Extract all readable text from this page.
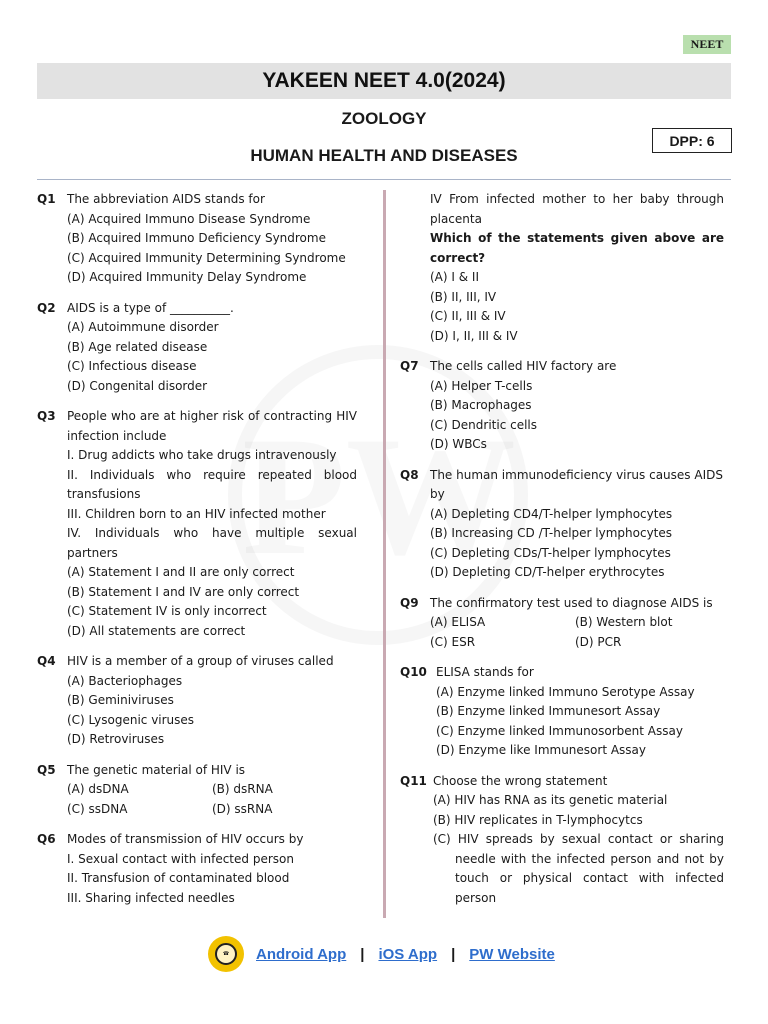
NEET
YAKEEN NEET 4.0(2024)
ZOOLOGY
HUMAN HEALTH AND DISEASES
DPP: 6
Q1 The abbreviation AIDS stands for
(A) Acquired Immuno Disease Syndrome
(B) Acquired Immuno Deficiency Syndrome
(C) Acquired Immunity Determining Syndrome
(D) Acquired Immunity Delay Syndrome
Q2 AIDS is a type of __________.
(A) Autoimmune disorder
(B) Age related disease
(C) Infectious disease
(D) Congenital disorder
Q3 People who are at higher risk of contracting HIV infection include
I. Drug addicts who take drugs intravenously
II. Individuals who require repeated blood transfusions
III. Children born to an HIV infected mother
IV. Individuals who have multiple sexual partners
(A) Statement I and II are only correct
(B) Statement I and IV are only correct
(C) Statement IV is only incorrect
(D) All statements are correct
Q4 HIV is a member of a group of viruses called
(A) Bacteriophages
(B) Geminiviruses
(C) Lysogenic viruses
(D) Retroviruses
Q5 The genetic material of HIV is
(A) dsDNA	(B) dsRNA
(C) ssDNA	(D) ssRNA
Q6 Modes of transmission of HIV occurs by
I. Sexual contact with infected person
II. Transfusion of contaminated blood
III. Sharing infected needles
IV From infected mother to her baby through placenta
Which of the statements given above are correct?
(A) I & II
(B) II, III, IV
(C) II, III & IV
(D) I, II, III & IV
Q7 The cells called HIV factory are
(A) Helper T-cells
(B) Macrophages
(C) Dendritic cells
(D) WBCs
Q8 The human immunodeficiency virus causes AIDS by
(A) Depleting CD4/T-helper lymphocytes
(B) Increasing CD /T-helper lymphocytes
(C) Depleting CDs/T-helper lymphocytes
(D) Depleting CD/T-helper erythrocytes
Q9 The confirmatory test used to diagnose AIDS is
(A) ELISA	(B) Western blot
(C) ESR	(D) PCR
Q10 ELISA stands for
(A) Enzyme linked Immuno Serotype Assay
(B) Enzyme linked Immunesort Assay
(C) Enzyme linked Immunosorbent Assay
(D) Enzyme like Immunesort Assay
Q11 Choose the wrong statement
(A) HIV has RNA as its genetic material
(B) HIV replicates in T-lymphocytcs
(C) HIV spreads by sexual contact or sharing needle with the infected person and not by touch or physical contact with infected person
☎	Android App | iOS App | PW Website
